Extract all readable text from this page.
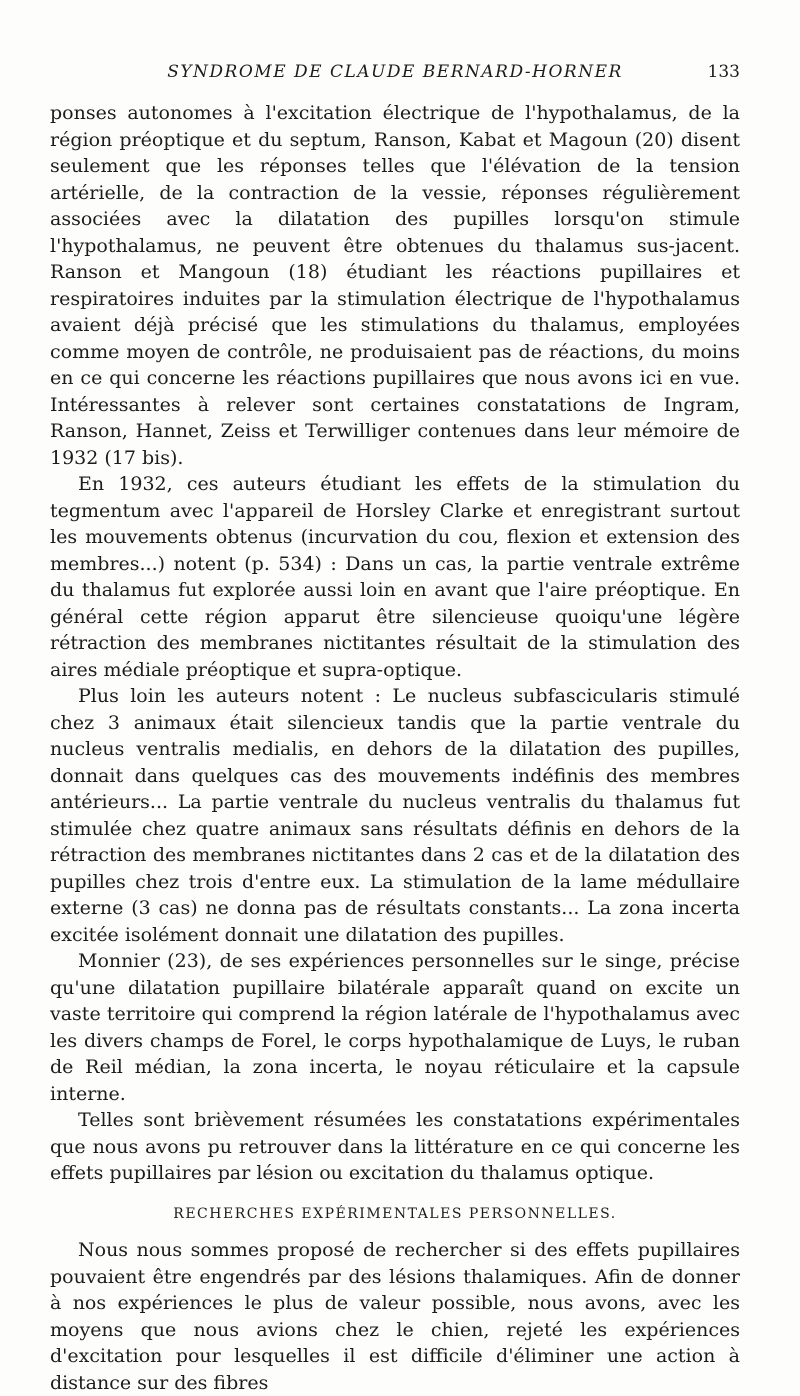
SYNDROME DE CLAUDE BERNARD-HORNER	133

ponses autonomes à l'excitation électrique de l'hypothalamus, de la région préoptique et du septum, Ranson, Kabat et Magoun (20) disent seulement que les réponses telles que l'élévation de la tension artérielle, de la contraction de la vessie, réponses régulièrement associées avec la dilatation des pupilles lorsqu'on stimule l'hypothalamus, ne peuvent être obtenues du thalamus sus-jacent. Ranson et Mangoun (18) étudiant les réactions pupillaires et respiratoires induites par la stimulation électrique de l'hypothalamus avaient déjà précisé que les stimulations du thalamus, employées comme moyen de contrôle, ne produisaient pas de réactions, du moins en ce qui concerne les réactions pupillaires que nous avons ici en vue. Intéressantes à relever sont certaines constatations de Ingram, Ranson, Hannet, Zeiss et Terwilliger contenues dans leur mémoire de 1932 (17 bis).

En 1932, ces auteurs étudiant les effets de la stimulation du tegmentum avec l'appareil de Horsley Clarke et enregistrant surtout les mouvements obtenus (incurvation du cou, flexion et extension des membres...) notent (p. 534) : Dans un cas, la partie ventrale extrême du thalamus fut explorée aussi loin en avant que l'aire préoptique. En général cette région apparut être silencieuse quoiqu'une légère rétraction des membranes nictitantes résultait de la stimulation des aires médiale préoptique et supra-optique.

Plus loin les auteurs notent : Le nucleus subfascicularis stimulé chez 3 animaux était silencieux tandis que la partie ventrale du nucleus ventralis medialis, en dehors de la dilatation des pupilles, donnait dans quelques cas des mouvements indéfinis des membres antérieurs... La partie ventrale du nucleus ventralis du thalamus fut stimulée chez quatre animaux sans résultats définis en dehors de la rétraction des membranes nictitantes dans 2 cas et de la dilatation des pupilles chez trois d'entre eux. La stimulation de la lame médullaire externe (3 cas) ne donna pas de résultats constants... La zona incerta excitée isolément donnait une dilatation des pupilles.

Monnier (23), de ses expériences personnelles sur le singe, précise qu'une dilatation pupillaire bilatérale apparaît quand on excite un vaste territoire qui comprend la région latérale de l'hypothalamus avec les divers champs de Forel, le corps hypothalamique de Luys, le ruban de Reil médian, la zona incerta, le noyau réticulaire et la capsule interne.

Telles sont brièvement résumées les constatations expérimentales que nous avons pu retrouver dans la littérature en ce qui concerne les effets pupillaires par lésion ou excitation du thalamus optique.

RECHERCHES EXPÉRIMENTALES PERSONNELLES.

Nous nous sommes proposé de rechercher si des effets pupillaires pouvaient être engendrés par des lésions thalamiques. Afin de donner à nos expériences le plus de valeur possible, nous avons, avec les moyens que nous avions chez le chien, rejeté les expériences d'excitation pour lesquelles il est difficile d'éliminer une action à distance sur des fibres
